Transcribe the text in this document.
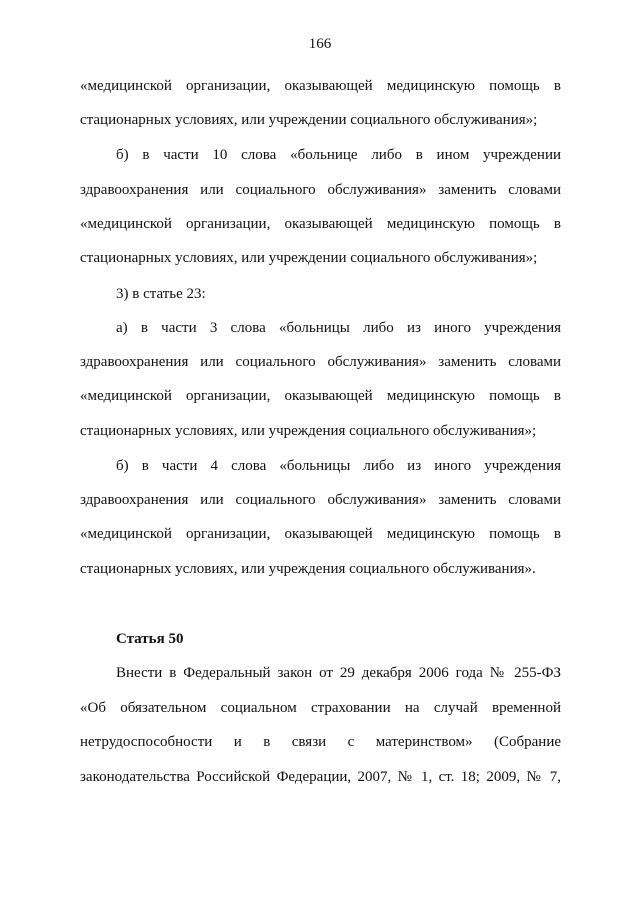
166
«медицинской организации, оказывающей медицинскую помощь в
стационарных условиях, или учреждении социального обслуживания»;
б) в части 10 слова «больнице либо в ином учреждении
здравоохранения или социального обслуживания» заменить словами
«медицинской организации, оказывающей медицинскую помощь в
стационарных условиях, или учреждении социального обслуживания»;
3) в статье 23:
а) в части 3 слова «больницы либо из иного учреждения
здравоохранения или социального обслуживания» заменить словами
«медицинской организации, оказывающей медицинскую помощь в
стационарных условиях, или учреждения социального обслуживания»;
б) в части 4 слова «больницы либо из иного учреждения
здравоохранения или социального обслуживания» заменить словами
«медицинской организации, оказывающей медицинскую помощь в
стационарных условиях, или учреждения социального обслуживания».
Статья 50
Внести в Федеральный закон от 29 декабря 2006 года № 255-ФЗ
«Об обязательном социальном страховании на случай временной
нетрудоспособности и в связи с материнством» (Собрание
законодательства Российской Федерации, 2007, № 1, ст. 18; 2009, № 7,
